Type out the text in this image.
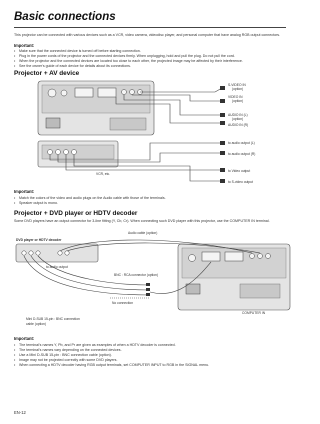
Basic connections
This projector can be connected with various devices such as a VCR, video camera, videodisc player, and personal computer that have analog RGB output connectors.
Important:
• Make sure that the connected device is turned off before starting connection.
• Plug in the power cords of the projector and the connected devices firmly. When unplugging, hold and pull the plug. Do not pull the cord.
• When the projector and the connected devices are located too close to each other, the projected image may be affected by their interference.
• See the owner's guide of each device for details about its connections.
Projector + AV device
S-VIDEO IN
(option)
VIDEO IN
(option)
AUDIO IN (L)
(option)
AUDIO IN (R)
VCR, etc.
to audio output (L)
to audio output (R)
to Video output
to S-video output
Important:
• Match the colors of the video and audio plugs on the Audio cable with those of the terminals.
• Speaker output is mono.
Projector + DVD player or HDTV decoder
Some DVD players have an output connector for 3-line fitting (Y, Cb, Cr). When connecting such DVD player with this projector, use the COMPUTER IN terminal.
Audio cable (option)
DVD player or HDTV decoder
to audio output
BNC : RCA connector (option)
No connection
Mini D-SUB 15-pin : BNC connection
cable (option)
COMPUTER IN
Important:
• The terminal's names Y, Pb, and Pr are given as examples of when a HDTV decoder is connected.
• The terminal's names vary depending on the connected devices.
• Use a Mini D-SUB 15-pin : BNC connection cable (option).
• Image may not be projected correctly with some DVD players.
• When connecting a HDTV decoder having RGB output terminals, set COMPUTER INPUT to RGB in the SIGNAL menu.
EN-12
